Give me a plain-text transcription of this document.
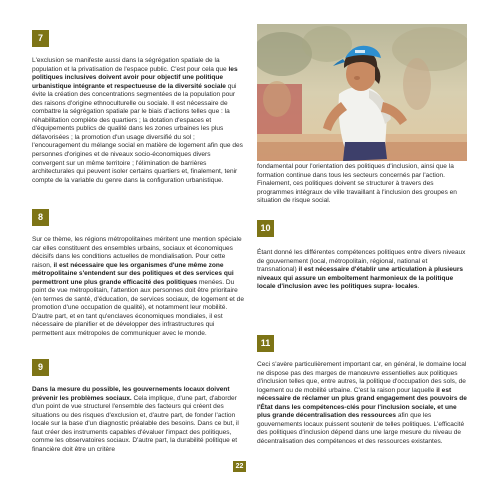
7

L'exclusion se manifeste aussi dans la ségrégation spatiale de la population et la privatisation de l'espace public. C'est pour cela que les politiques inclusives doivent avoir pour objectif une politique urbanistique intégrante et respectueuse de la diversité sociale qui évite la création des concentrations segmentées de la population pour des raisons d'origine ethnoculturelle ou sociale. Il est nécessaire de combattre la ségrégation spatiale par le biais d'actions telles que : la réhabilitation complète des quartiers ; la dotation d'espaces et d'équipements publics de qualité dans les zones urbaines les plus défavorisées ; la promotion d'un usage diversifié du sol ; l'encouragement du mélange social en matière de logement afin que des personnes d'origines et de niveaux socio-économiques divers convergent sur un même territoire ; l'élimination de barrières architecturales qui peuvent isoler certains quartiers et, finalement, tenir compte de la variable du genre dans la configuration urbanistique.

fondamental pour l'orientation des politiques d'inclusion, ainsi que la formation continue dans tous les secteurs concernés par l'action. Finalement, ces politiques doivent se structurer à travers des programmes intégraux de ville travaillant à l'inclusion des groupes en situation de risque social.

8

Sur ce thème, les régions métropolitaines méritent une mention spéciale car elles constituent des ensembles urbains, sociaux et économiques décisifs dans les conditions actuelles de mondialisation. Pour cette raison, il est nécessaire que les organismes d'une même zone métropolitaine s'entendent sur des politiques et des services qui permettront une plus grande efficacité des politiques menées. Du point de vue métropolitain, l'attention aux personnes doit être prioritaire (en termes de santé, d'éducation, de services sociaux, de logement et de promotion d'une occupation de qualité), et notamment leur mobilité. D'autre part, et en tant qu'enclaves économiques mondiales, il est nécessaire de planifier et de développer des infrastructures qui permettent aux métropoles de communiquer avec le monde.

10

Étant donné les différentes compétences politiques entre divers niveaux de gouvernement (local, métropolitain, régional, national et transnational) il est nécessaire d'établir une articulation à plusieurs niveaux qui assure un emboîtement harmonieux de la politique locale d'inclusion avec les politiques supra- locales.

11

Ceci s'avère particulièrement important car, en général, le domaine local ne dispose pas des marges de manœuvre essentielles aux politiques d'inclusion telles que, entre autres, la politique d'occupation des sols, de logement ou de mobilité urbaine. C'est la raison pour laquelle il est nécessaire de réclamer un plus grand engagement des pouvoirs de l'État dans les compétences-clés pour l'inclusion sociale, et une plus grande décentralisation des ressources afin que les gouvernements locaux puissent soutenir de telles politiques. L'efficacité des politiques d'inclusion dépend dans une large mesure du niveau de décentralisation des compétences et des ressources existantes.

9

Dans la mesure du possible, les gouvernements locaux doivent prévenir les problèmes sociaux. Cela implique, d'une part, d'aborder d'un point de vue structurel l'ensemble des facteurs qui créent des situations ou des risques d'exclusion et, d'autre part, de fonder l'action locale sur la base d'un diagnostic préalable des besoins. Dans ce but, il faut créer des instruments capables d'évaluer l'impact des politiques, comme les observatoires sociaux. D'autre part, la durabilité politique et financière doit être un critère

22
